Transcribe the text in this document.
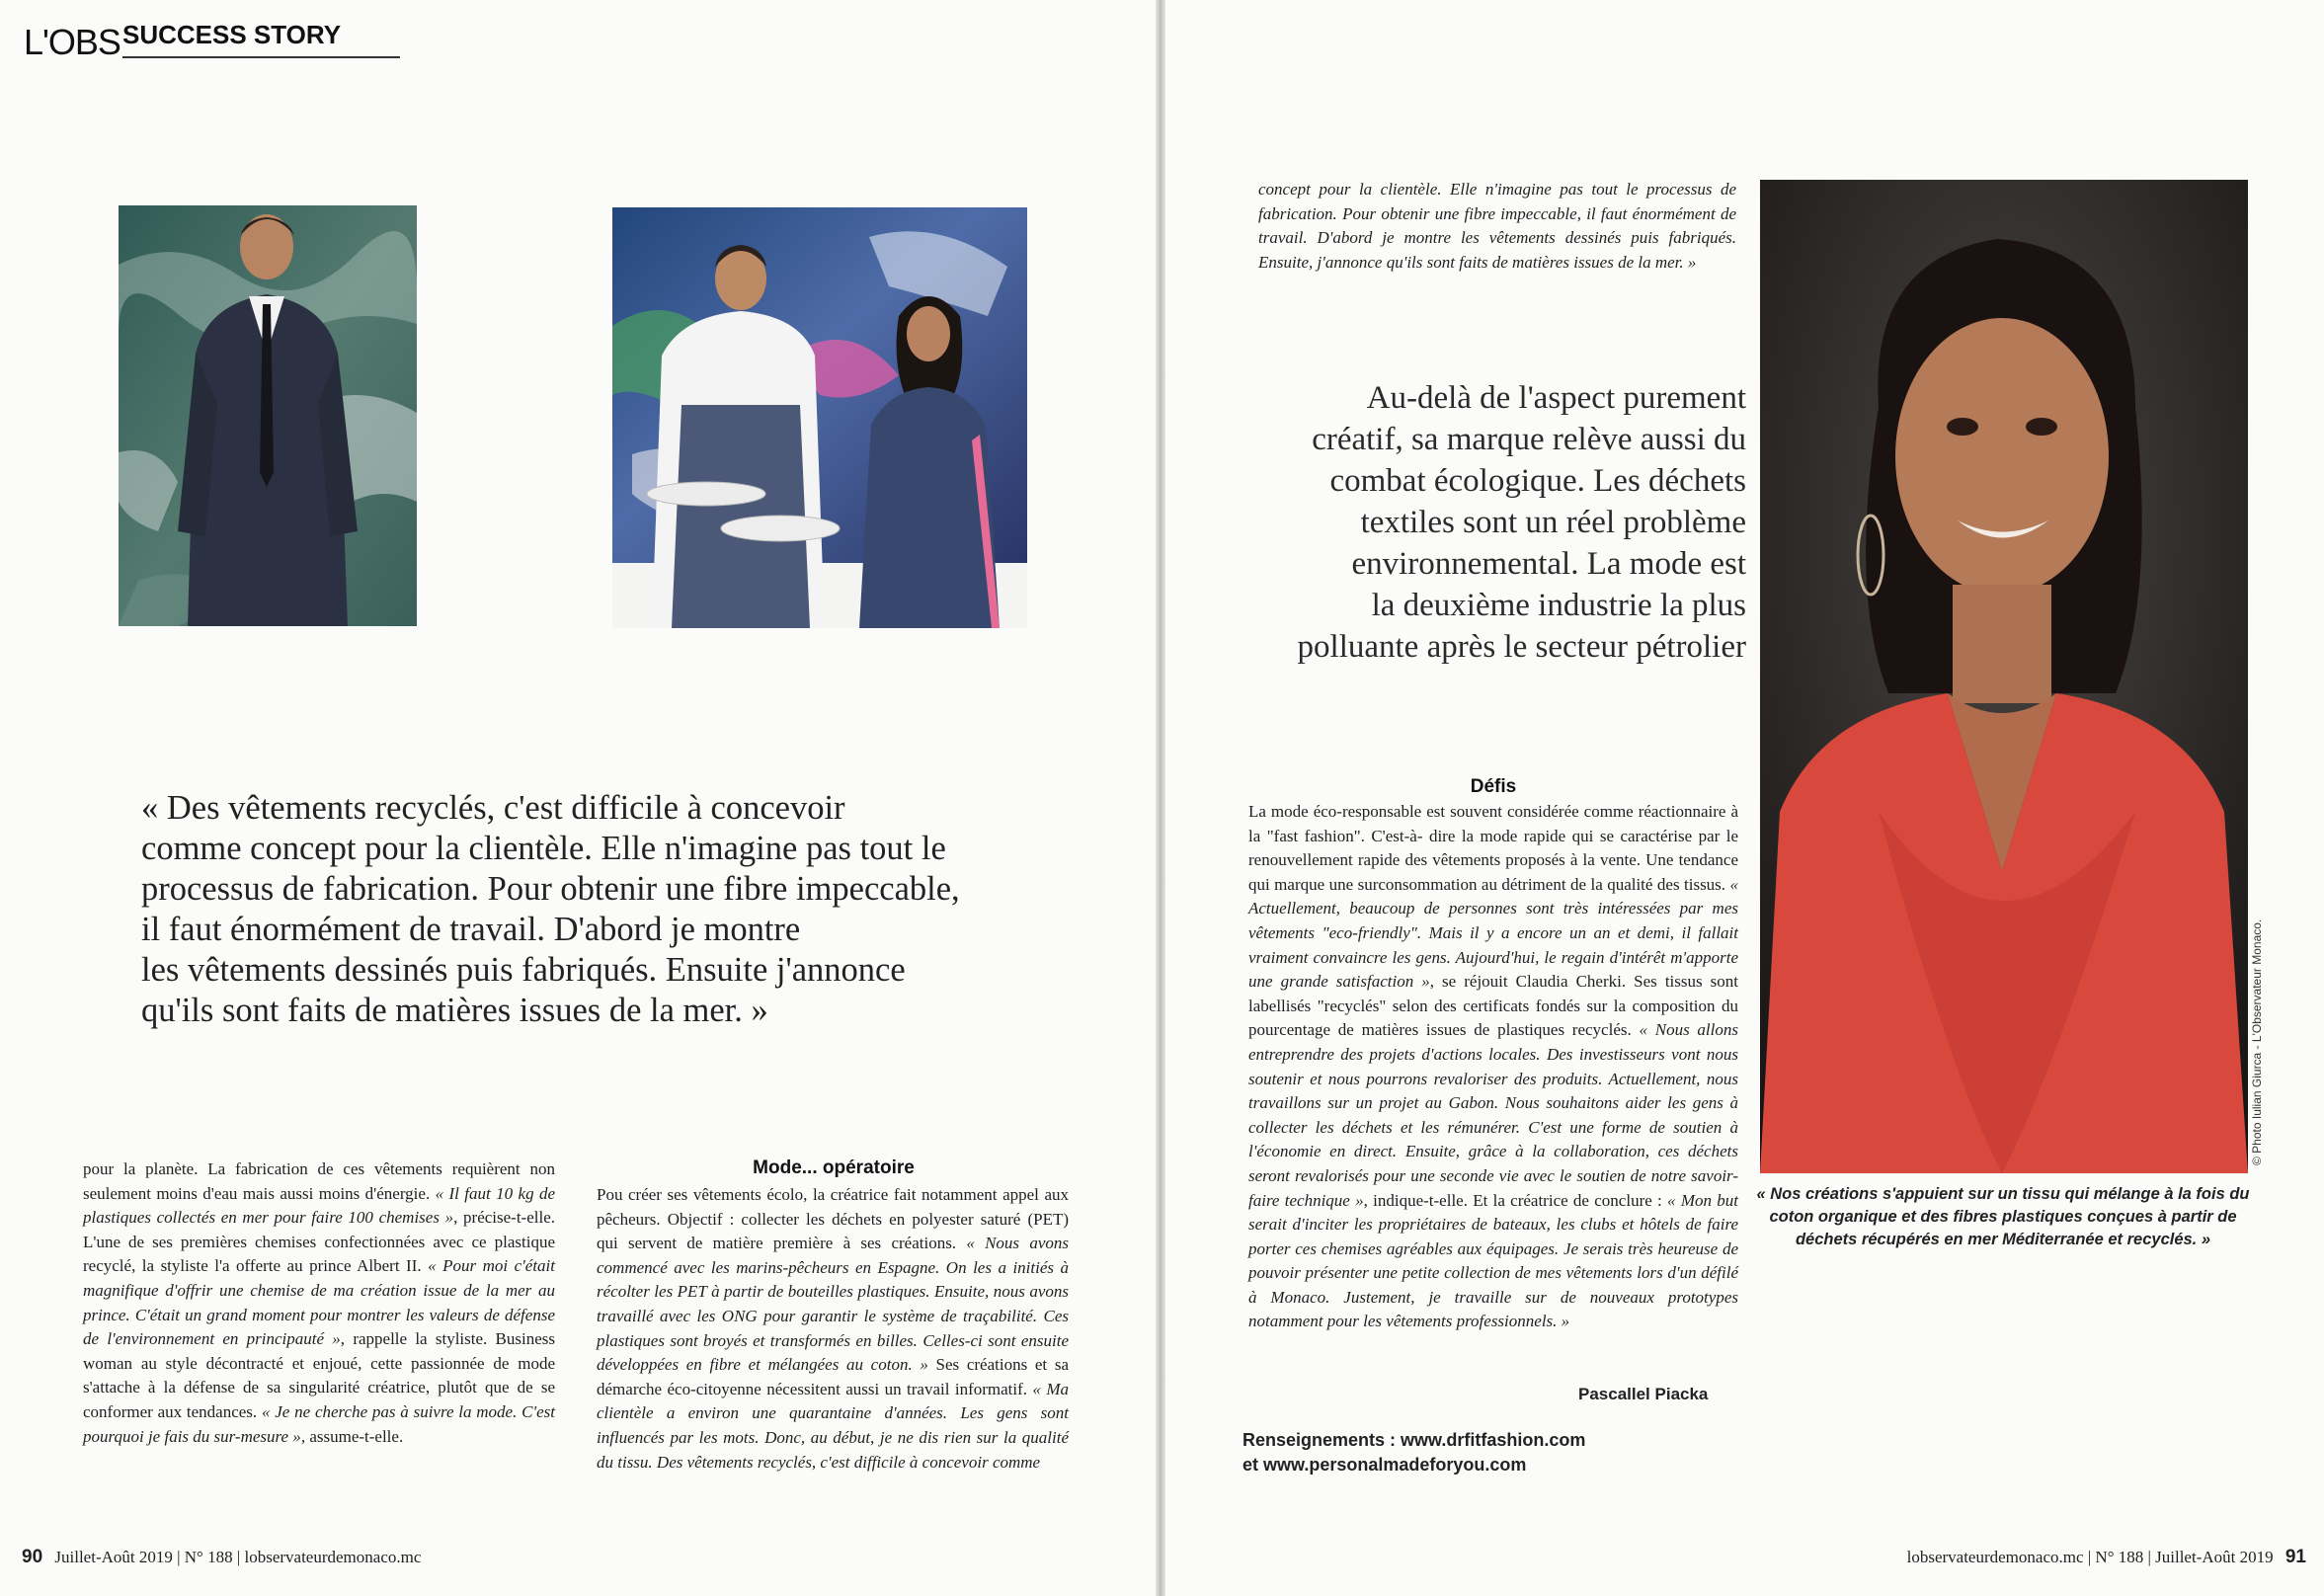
L'OBS SUCCESS STORY

« Des vêtements recyclés, c'est difficile à concevoir

comme concept pour la clientèle. Elle n'imagine pas tout le

processus de fabrication. Pour obtenir une fibre impeccable,

il faut énormément de travail. D'abord je montre

les vêtements dessinés puis fabriqués. Ensuite j'annonce

qu'ils sont faits de matières issues de la mer. »

pour la planète. La fabrication de ces vêtements requièrent non seulement moins d'eau mais aussi moins d'énergie. « Il faut 10 kg de plastiques collectés en mer pour faire 100 chemises », précise-t-elle. L'une de ses premières chemises confectionnées avec ce plastique recyclé, la styliste l'a offerte au prince Albert II. « Pour moi c'était magnifique d'offrir une chemise de ma création issue de la mer au prince. C'était un grand moment pour montrer les valeurs de défense de l'environnement en principauté », rappelle la styliste. Business woman au style décontracté et enjoué, cette passionnée de mode s'attache à la défense de sa singularité créatrice, plutôt que de se conformer aux tendances. « Je ne cherche pas à suivre la mode. C'est pourquoi je fais du sur-mesure », assume-t-elle.

Mode... opératoire

Pou créer ses vêtements écolo, la créatrice fait notamment appel aux pêcheurs. Objectif : collecter les déchets en polyester saturé (PET) qui servent de matière première à ses créations. « Nous avons commencé avec les marins-pêcheurs en Espagne. On les a initiés à récolter les PET à partir de bouteilles plastiques. Ensuite, nous avons travaillé avec les ONG pour garantir le système de traçabilité. Ces plastiques sont broyés et transformés en billes. Celles-ci sont ensuite développées en fibre et mélangées au coton. » Ses créations et sa démarche éco-citoyenne nécessitent aussi un travail informatif. « Ma clientèle a environ une quarantaine d'années. Les gens sont influencés par les mots. Donc, au début, je ne dis rien sur la qualité du tissu. Des vêtements recyclés, c'est difficile à concevoir comme

90 Juillet-Août 2019 | N° 188 | lobservateurdemonaco.mc
concept pour la clientèle. Elle n'imagine pas tout le processus de fabrication. Pour obtenir une fibre impeccable, il faut énormément de travail. D'abord je montre les vêtements dessinés puis fabriqués. Ensuite, j'annonce qu'ils sont faits de matières issues de la mer. »

Au-delà de l'aspect purement

créatif, sa marque relève aussi du

combat écologique. Les déchets

textiles sont un réel problème

environnemental. La mode est

la deuxième industrie la plus

polluante après le secteur pétrolier

Défis

La mode éco-responsable est souvent considérée comme réactionnaire à la "fast fashion". C'est-à- dire la mode rapide qui se caractérise par le renouvellement rapide des vêtements proposés à la vente. Une tendance qui marque une surconsommation au détriment de la qualité des tissus. « Actuellement, beaucoup de personnes sont très intéressées par mes vêtements "eco-friendly". Mais il y a encore un an et demi, il fallait vraiment convaincre les gens. Aujourd'hui, le regain d'intérêt m'apporte une grande satisfaction », se réjouit Claudia Cherki. Ses tissus sont labellisés "recyclés" selon des certificats fondés sur la composition du pourcentage de matières issues de plastiques recyclés. « Nous allons entreprendre des projets d'actions locales. Des investisseurs vont nous soutenir et nous pourrons revaloriser des produits. Actuellement, nous travaillons sur un projet au Gabon. Nous souhaitons aider les gens à collecter les déchets et les rémunérer. C'est une forme de soutien à l'économie en direct. Ensuite, grâce à la collaboration, ces déchets seront revalorisés pour une seconde vie avec le soutien de notre savoir-faire technique », indique-t-elle. Et la créatrice de conclure : « Mon but serait d'inciter les propriétaires de bateaux, les clubs et hôtels de faire porter ces chemises agréables aux équipages. Je serais très heureuse de pouvoir présenter une petite collection de mes vêtements lors d'un défilé à Monaco. Justement, je travaille sur de nouveaux prototypes notamment pour les vêtements professionnels. »

Pascallel Piacka
Renseignements : www.drfitfashion.com
et www.personalmadeforyou.com
© Photo Iulian Giurca - L'Observateur Monaco.
« Nos créations s'appuient sur un tissu qui mélange à la fois du coton organique et des fibres plastiques conçues à partir de déchets récupérés en mer Méditerranée et recyclés. »
lobservateurdemonaco.mc | N° 188 | Juillet-Août 2019 91
